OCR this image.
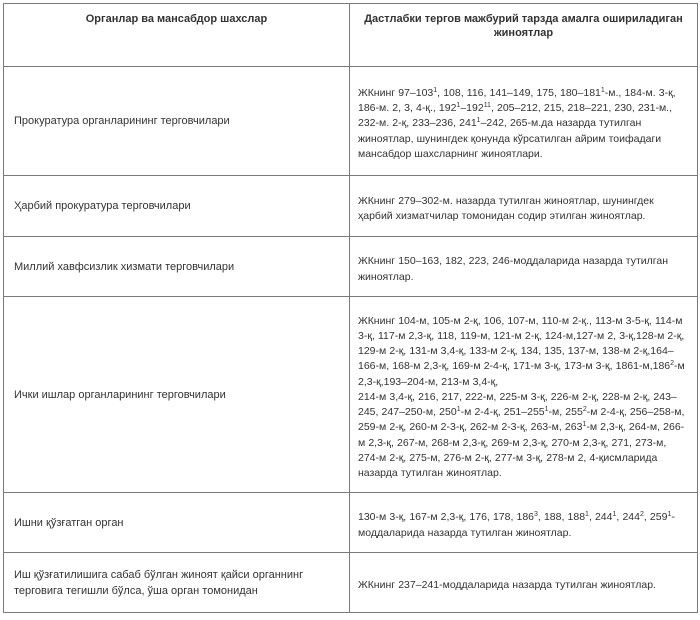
Органлар ва мансабдор шахслар	Дастлабки тергов мажбурий тарзда амалга ошириладиган жиноятлар
Прокуратура органларининг терговчилари	ЖКнинг $97-103^1$, 108, 116, 141–149, 175, $180-181^1-м$., 184-м. 3-қ, 186-м. 2, 3, 4-қ., $192^1-192^{11}$, 205–212, 215, 218–221, 230, 231-м., 232-м. 2-қ, 233–236, $241^1-242$, 265-м.да назарда тутилган жиноятлар, шунингдек қонунда кўрсатилган айрим тоифадаги мансабдор шахсларнинг жиноятлари.

Ҳарбий прокуратура терговчилари	ЖКнинг 279–302-м. назарда тутилган жиноятлар, шунингдек ҳарбий хизматчилар томонидан содир этилган жиноятлар.

Миллий хавфсизлик хизмати терговчилари	ЖКнинг 150–163, 182, 223, 246-моддаларида назарда тутилган жиноятлар.

Ички ишлар органларининг терговчилари	ЖКнинг 104-м, 105-м 2-қ, 106, 107-м, 110-м 2-қ., 113-м 3-5-қ, 114-м 3-қ, 117-м 2,3-қ, 118, 119-м, 121-м 2-қ, 124-м,127-м 2, 3-қ,128-м 2-қ, 129-м 2-қ, 131-м 3,4-қ, 133-м 2-қ, 134, 135, 137-м, 138-м 2-қ,164–166-м, 168-м 2,3-қ, 169-м 2-4-қ, 171-м 3-қ, 173-м 3-қ, 1861-м,186$^2$-м 2,3-қ,193–204-м, 213-м 3,4-қ,
214-м 3,4-қ, 216, 217, 222-м, 225-м 3-қ, 226-м 2-қ, 228-м 2-қ, 243–245, 247–250-м, $250^1-м$ 2-4-қ, $251-255^1-м$, $255^2-м$ 2-4-қ, 256–258-м, 259-м 2-қ, 260-м 2-3-қ, 262-м 2-3-қ, 263-м, $263^1-м$ 2,3-қ, 264-м, 266-м 2,3-қ, 267-м, 268-м 2,3-қ, 269-м 2,3-қ, 270-м 2,3-қ, 271, 273-м, 274-м 2-қ, 275-м, 276-м 2-қ, 277-м 3-қ, 278-м 2, 4-қисмларида назарда тутилган жиноятлар.

Ишни қўзғатган орган	130-м 3-қ, 167-м 2,3-қ, 176, 178, $186^3$, 188, $188^1$, $244^1$, $244^2$, $259^1$-моддаларида назарда тутилган жиноятлар.

Иш қўзғатилишига сабаб бўлган жиноят қайси органнинг терговига тегишли бўлса, ўша орган томонидан	ЖКнинг 237–241-моддаларида назарда тутилган жиноятлар.
